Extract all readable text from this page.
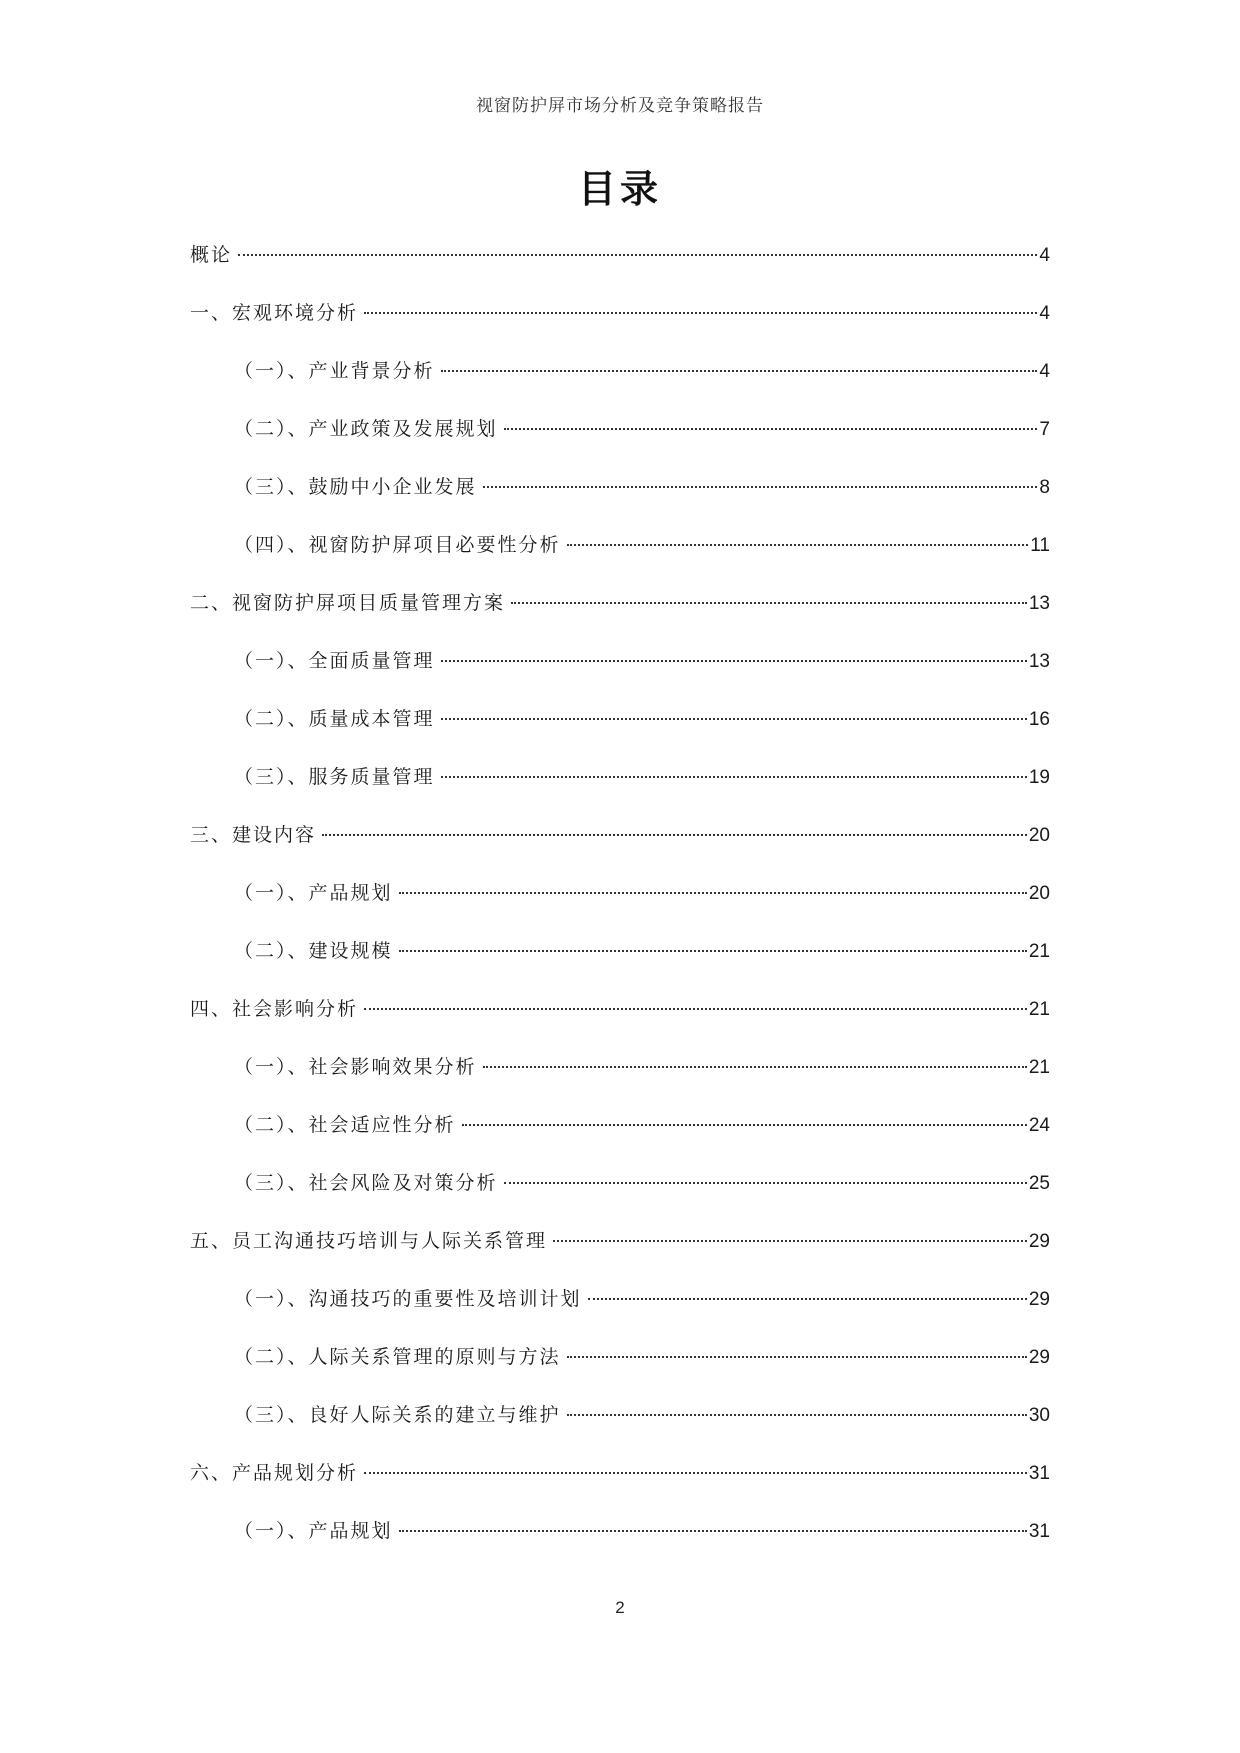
视窗防护屏市场分析及竞争策略报告
目录
概论	4
一、宏观环境分析	4
（一）、产业背景分析	4
（二）、产业政策及发展规划	7
（三）、鼓励中小企业发展	8
（四）、视窗防护屏项目必要性分析	11
二、视窗防护屏项目质量管理方案	13
（一）、全面质量管理	13
（二）、质量成本管理	16
（三）、服务质量管理	19
三、建设内容	20
（一）、产品规划	20
（二）、建设规模	21
四、社会影响分析	21
（一）、社会影响效果分析	21
（二）、社会适应性分析	24
（三）、社会风险及对策分析	25
五、员工沟通技巧培训与人际关系管理	29
（一）、沟通技巧的重要性及培训计划	29
（二）、人际关系管理的原则与方法	29
（三）、良好人际关系的建立与维护	30
六、产品规划分析	31
（一）、产品规划	31
2
